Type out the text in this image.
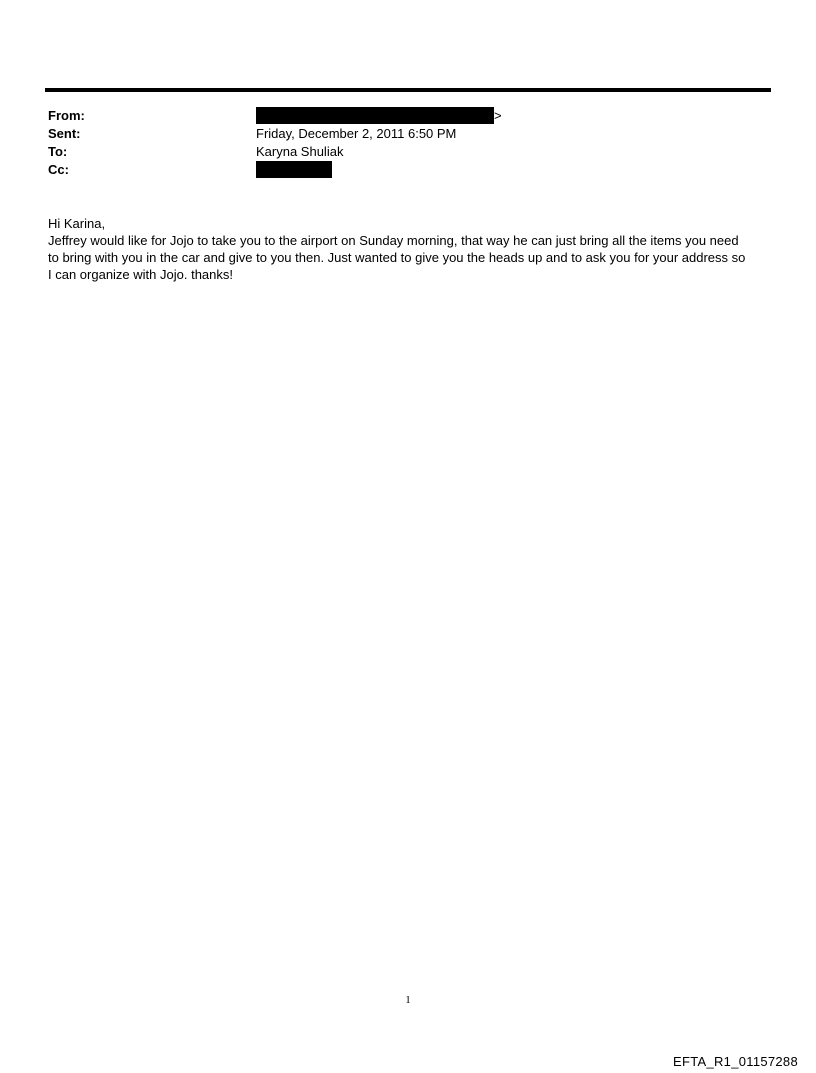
From:	>
Sent:	Friday, December 2, 2011 6:50 PM
To:	Karyna Shuliak
Cc:

Hi Karina,

Jeffrey would like for Jojo to take you to the airport on Sunday morning, that way he can just bring all the items you need to bring with you in the car and give to you then. Just wanted to give you the heads up and to ask you for your address so I can organize with Jojo. thanks!

1
EFTA_R1_01157288
